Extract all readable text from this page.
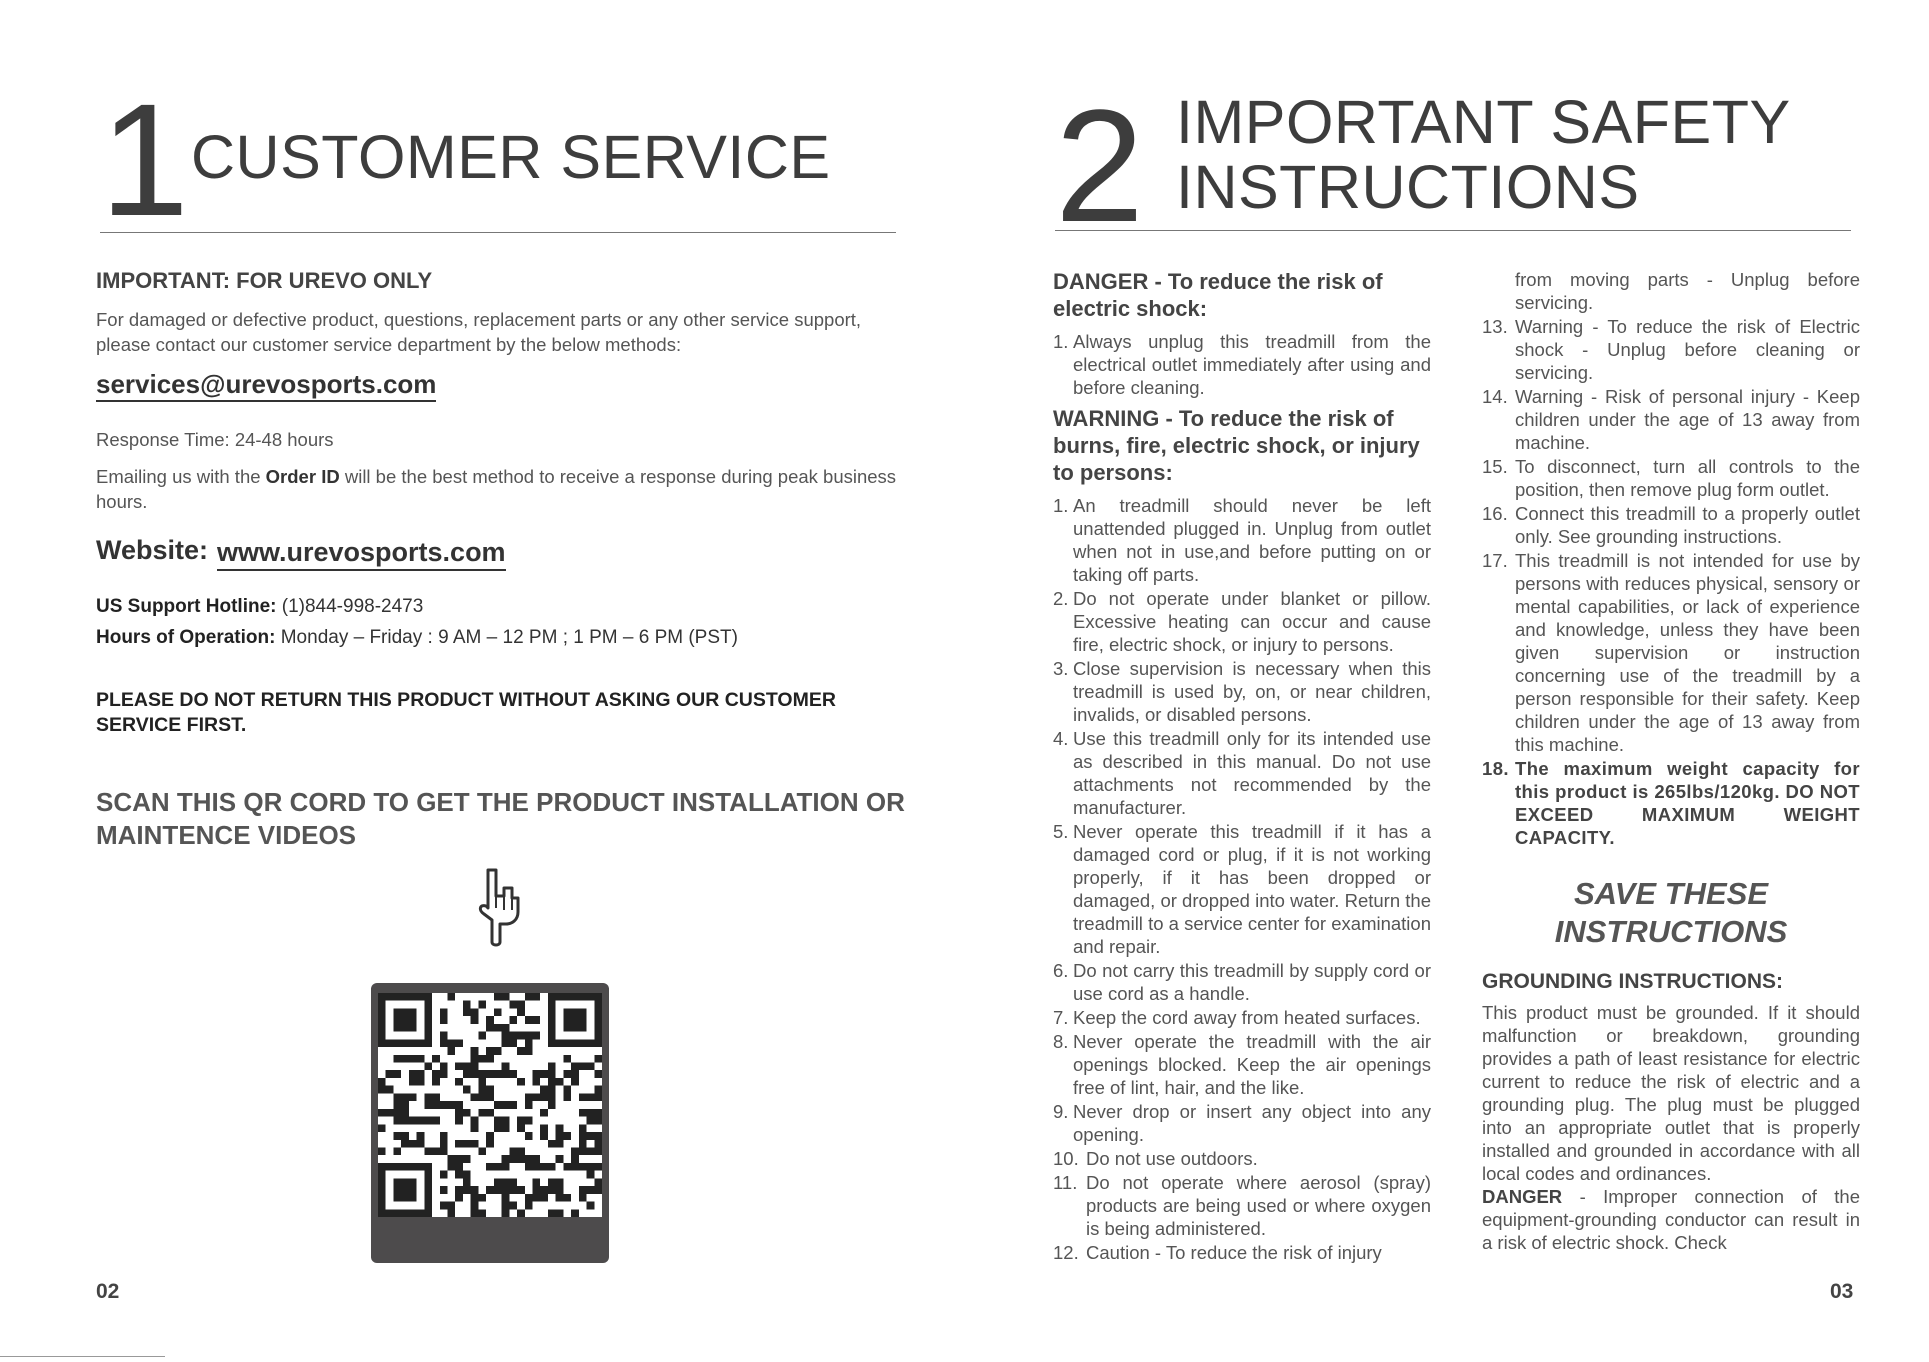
1 CUSTOMER SERVICE
IMPORTANT: FOR UREVO ONLY

For damaged or defective product, questions, replacement parts or any other service support, please contact our customer service department by the below methods:

services@urevosports.com

Response Time: 24-48 hours

Emailing us with the Order ID will be the best method to receive a response during peak business hours.

Website: www.urevosports.com
US Support Hotline: (1)844-998-2473
Hours of Operation: Monday – Friday : 9 AM – 12 PM ; 1 PM – 6 PM (PST)

PLEASE DO NOT RETURN THIS PRODUCT WITHOUT ASKING OUR CUSTOMER SERVICE FIRST.

SCAN THIS QR CORD TO GET THE PRODUCT INSTALLATION OR MAINTENCE VIDEOS

02
2 IMPORTANT SAFETY
INSTRUCTIONS

DANGER - To reduce the risk of electric shock:

1. Always unplug this treadmill from the electrical outlet immediately after using and before cleaning.

WARNING - To reduce the risk of burns, fire, electric shock, or injury to persons:

1. An treadmill should never be left unattended plugged in. Unplug from outlet when not in use,and before putting on or taking off parts.
2. Do not operate under blanket or pillow. Excessive heating can occur and cause fire, electric shock, or injury to persons.
3. Close supervision is necessary when this treadmill is used by, on, or near children, invalids, or disabled persons.
4. Use this treadmill only for its intended use as described in this manual. Do not use attachments not recommended by the manufacturer.
5. Never operate this treadmill if it has a damaged cord or plug, if it is not working properly, if it has been dropped or damaged, or dropped into water. Return the treadmill to a service center for examination and repair.
6. Do not carry this treadmill by supply cord or use cord as a handle.
7. Keep the cord away from heated surfaces.
8. Never operate the treadmill with the air openings blocked. Keep the air openings free of lint, hair, and the like.
9. Never drop or insert any object into any opening.
10. Do not use outdoors.
11. Do not operate where aerosol (spray) products are being used or where oxygen is being administered.
12. Caution - To reduce the risk of injury
from moving parts - Unplug before servicing.
13. Warning - To reduce the risk of Electric shock - Unplug before cleaning or servicing.
14. Warning - Risk of personal injury - Keep children under the age of 13 away from machine.
15. To disconnect, turn all controls to the position, then remove plug form outlet.
16. Connect this treadmill to a properly outlet only. See grounding instructions.
17. This treadmill is not intended for use by persons with reduces physical, sensory or mental capabilities, or lack of experience and knowledge, unless they have been given supervision or instruction concerning use of the treadmill by a person responsible for their safety. Keep children under the age of 13 away from this machine.
18. The maximum weight capacity for this product is 265lbs/120kg. DO NOT EXCEED MAXIMUM WEIGHT CAPACITY.
SAVE THESE
INSTRUCTIONS

GROUNDING INSTRUCTIONS:

This product must be grounded. If it should malfunction or breakdown, grounding provides a path of least resistance for electric current to reduce the risk of electric and a grounding plug. The plug must be plugged into an appropriate outlet that is properly installed and grounded in accordance with all local codes and ordinances.
DANGER - Improper connection of the equipment-grounding conductor can result in a risk of electric shock. Check

03
